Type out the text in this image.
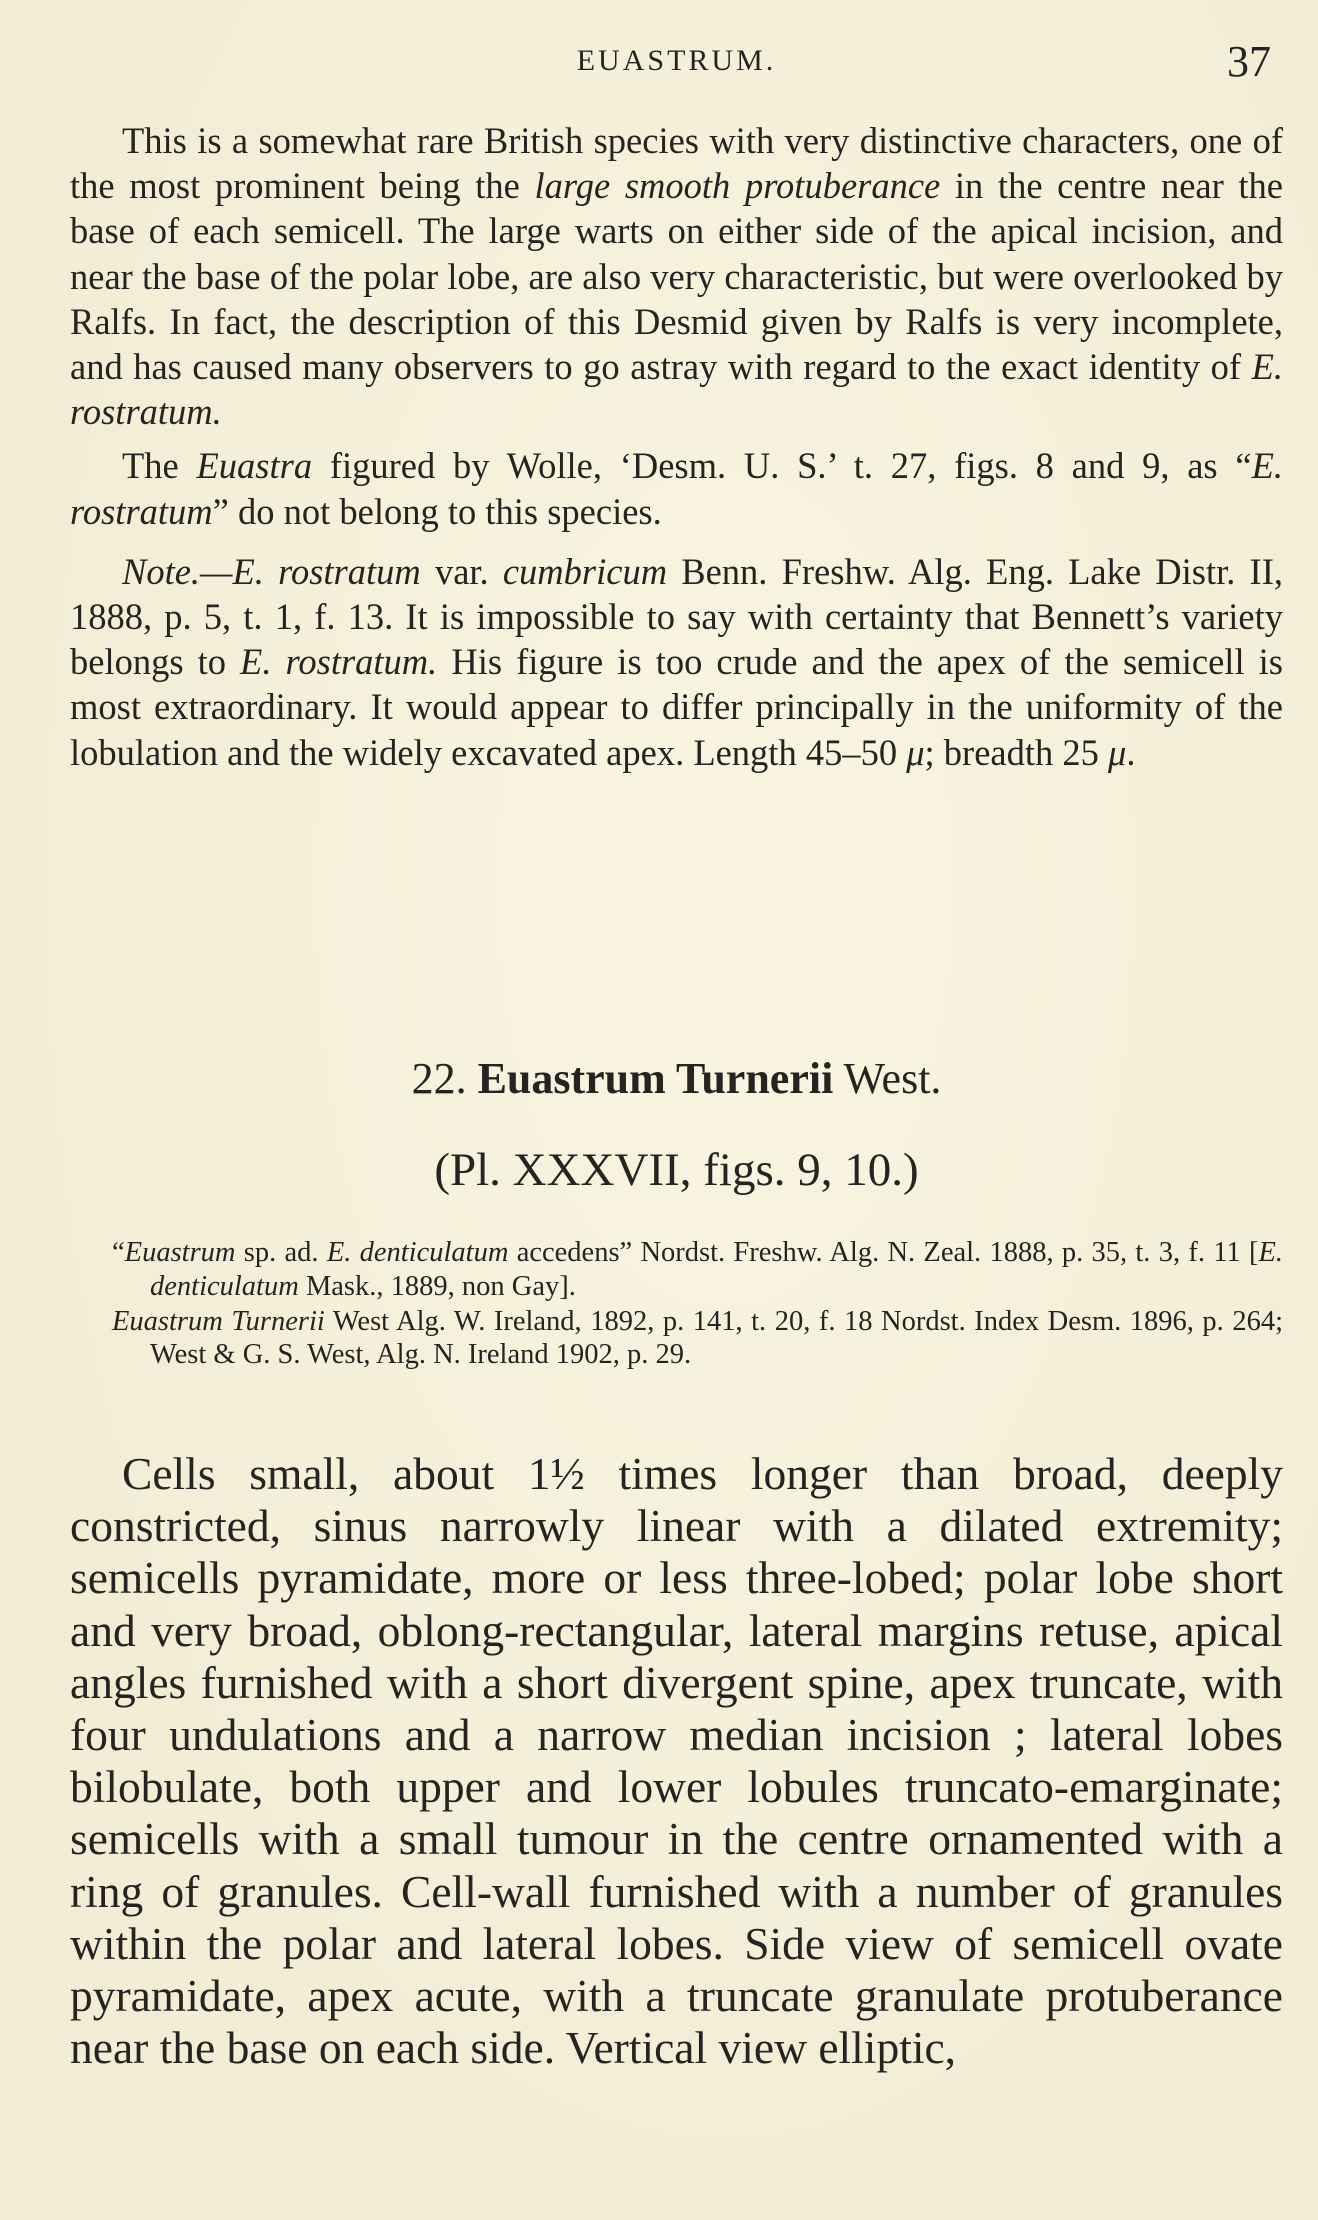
EUASTRUM.	37

This is a somewhat rare British species with very distinctive characters, one of the most prominent being the large smooth protuberance in the centre near the base of each semicell. The large warts on either side of the apical incision, and near the base of the polar lobe, are also very characteristic, but were overlooked by Ralfs. In fact, the description of this Desmid given by Ralfs is very incomplete, and has caused many observers to go astray with regard to the exact identity of E. rostratum.

The Euastra figured by Wolle, ‘Desm. U. S.’ t. 27, figs. 8 and 9, as “E. rostratum” do not belong to this species.

Note.—E. rostratum var. cumbricum Benn. Freshw. Alg. Eng. Lake Distr. II, 1888, p. 5, t. 1, f. 13. It is impossible to say with certainty that Bennett’s variety belongs to E. rostratum. His figure is too crude and the apex of the semicell is most extraordinary. It would appear to differ principally in the uniformity of the lobulation and the widely excavated apex. Length 45–50 μ; breadth 25 μ.

22. Euastrum Turnerii West.
(Pl. XXXVII, figs. 9, 10.)

“Euastrum sp. ad. E. denticulatum accedens” Nordst. Freshw. Alg. N. Zeal. 1888, p. 35, t. 3, f. 11 [E. denticulatum Mask., 1889, non Gay].

Euastrum Turnerii West Alg. W. Ireland, 1892, p. 141, t. 20, f. 18 Nordst. Index Desm. 1896, p. 264; West & G. S. West, Alg. N. Ireland 1902, p. 29.

Cells small, about 1½ times longer than broad, deeply constricted, sinus narrowly linear with a dilated extremity; semicells pyramidate, more or less three-lobed; polar lobe short and very broad, oblong-rectangular, lateral margins retuse, apical angles furnished with a short divergent spine, apex truncate, with four undulations and a narrow median incision ; lateral lobes bilobulate, both upper and lower lobules truncato-emarginate; semicells with a small tumour in the centre ornamented with a ring of granules. Cell-wall furnished with a number of granules within the polar and lateral lobes. Side view of semicell ovate pyramidate, apex acute, with a truncate granulate protuberance near the base on each side. Vertical view elliptic,
